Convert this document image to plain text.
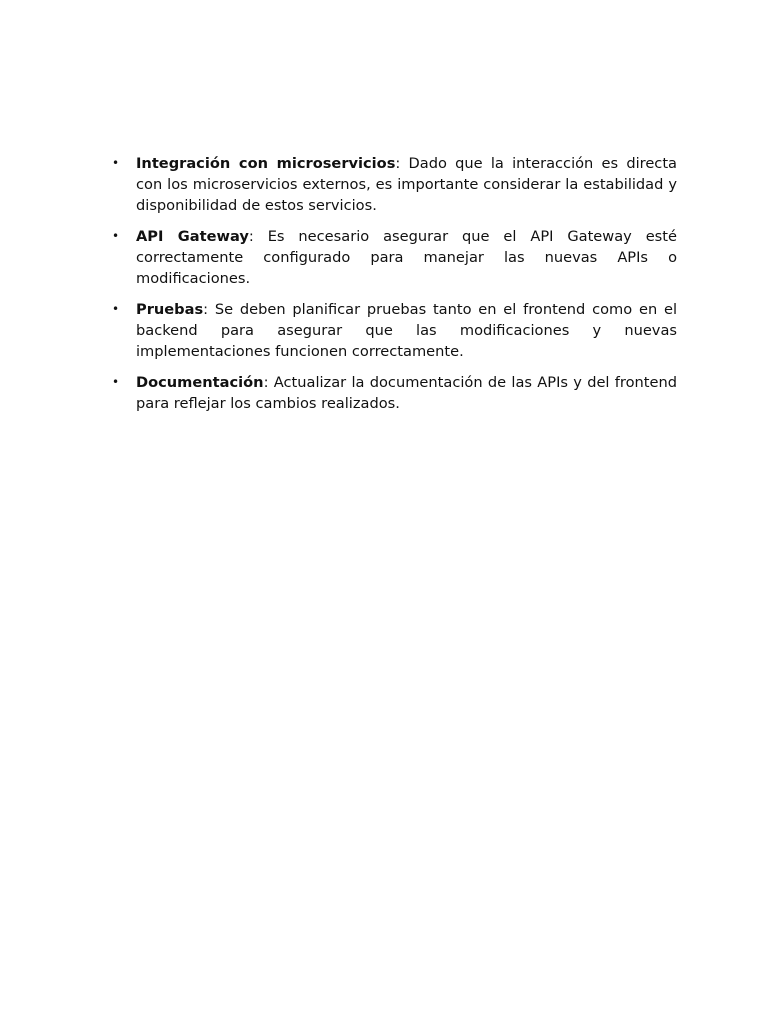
• Integración con microservicios: Dado que la interacción es directa con los microservicios externos, es importante considerar la estabilidad y disponibilidad de estos servicios.
• API Gateway: Es necesario asegurar que el API Gateway esté correctamente configurado para manejar las nuevas APIs o modificaciones.
• Pruebas: Se deben planificar pruebas tanto en el frontend como en el backend para asegurar que las modificaciones y nuevas implementaciones funcionen correctamente.
• Documentación: Actualizar la documentación de las APIs y del frontend para reflejar los cambios realizados.
